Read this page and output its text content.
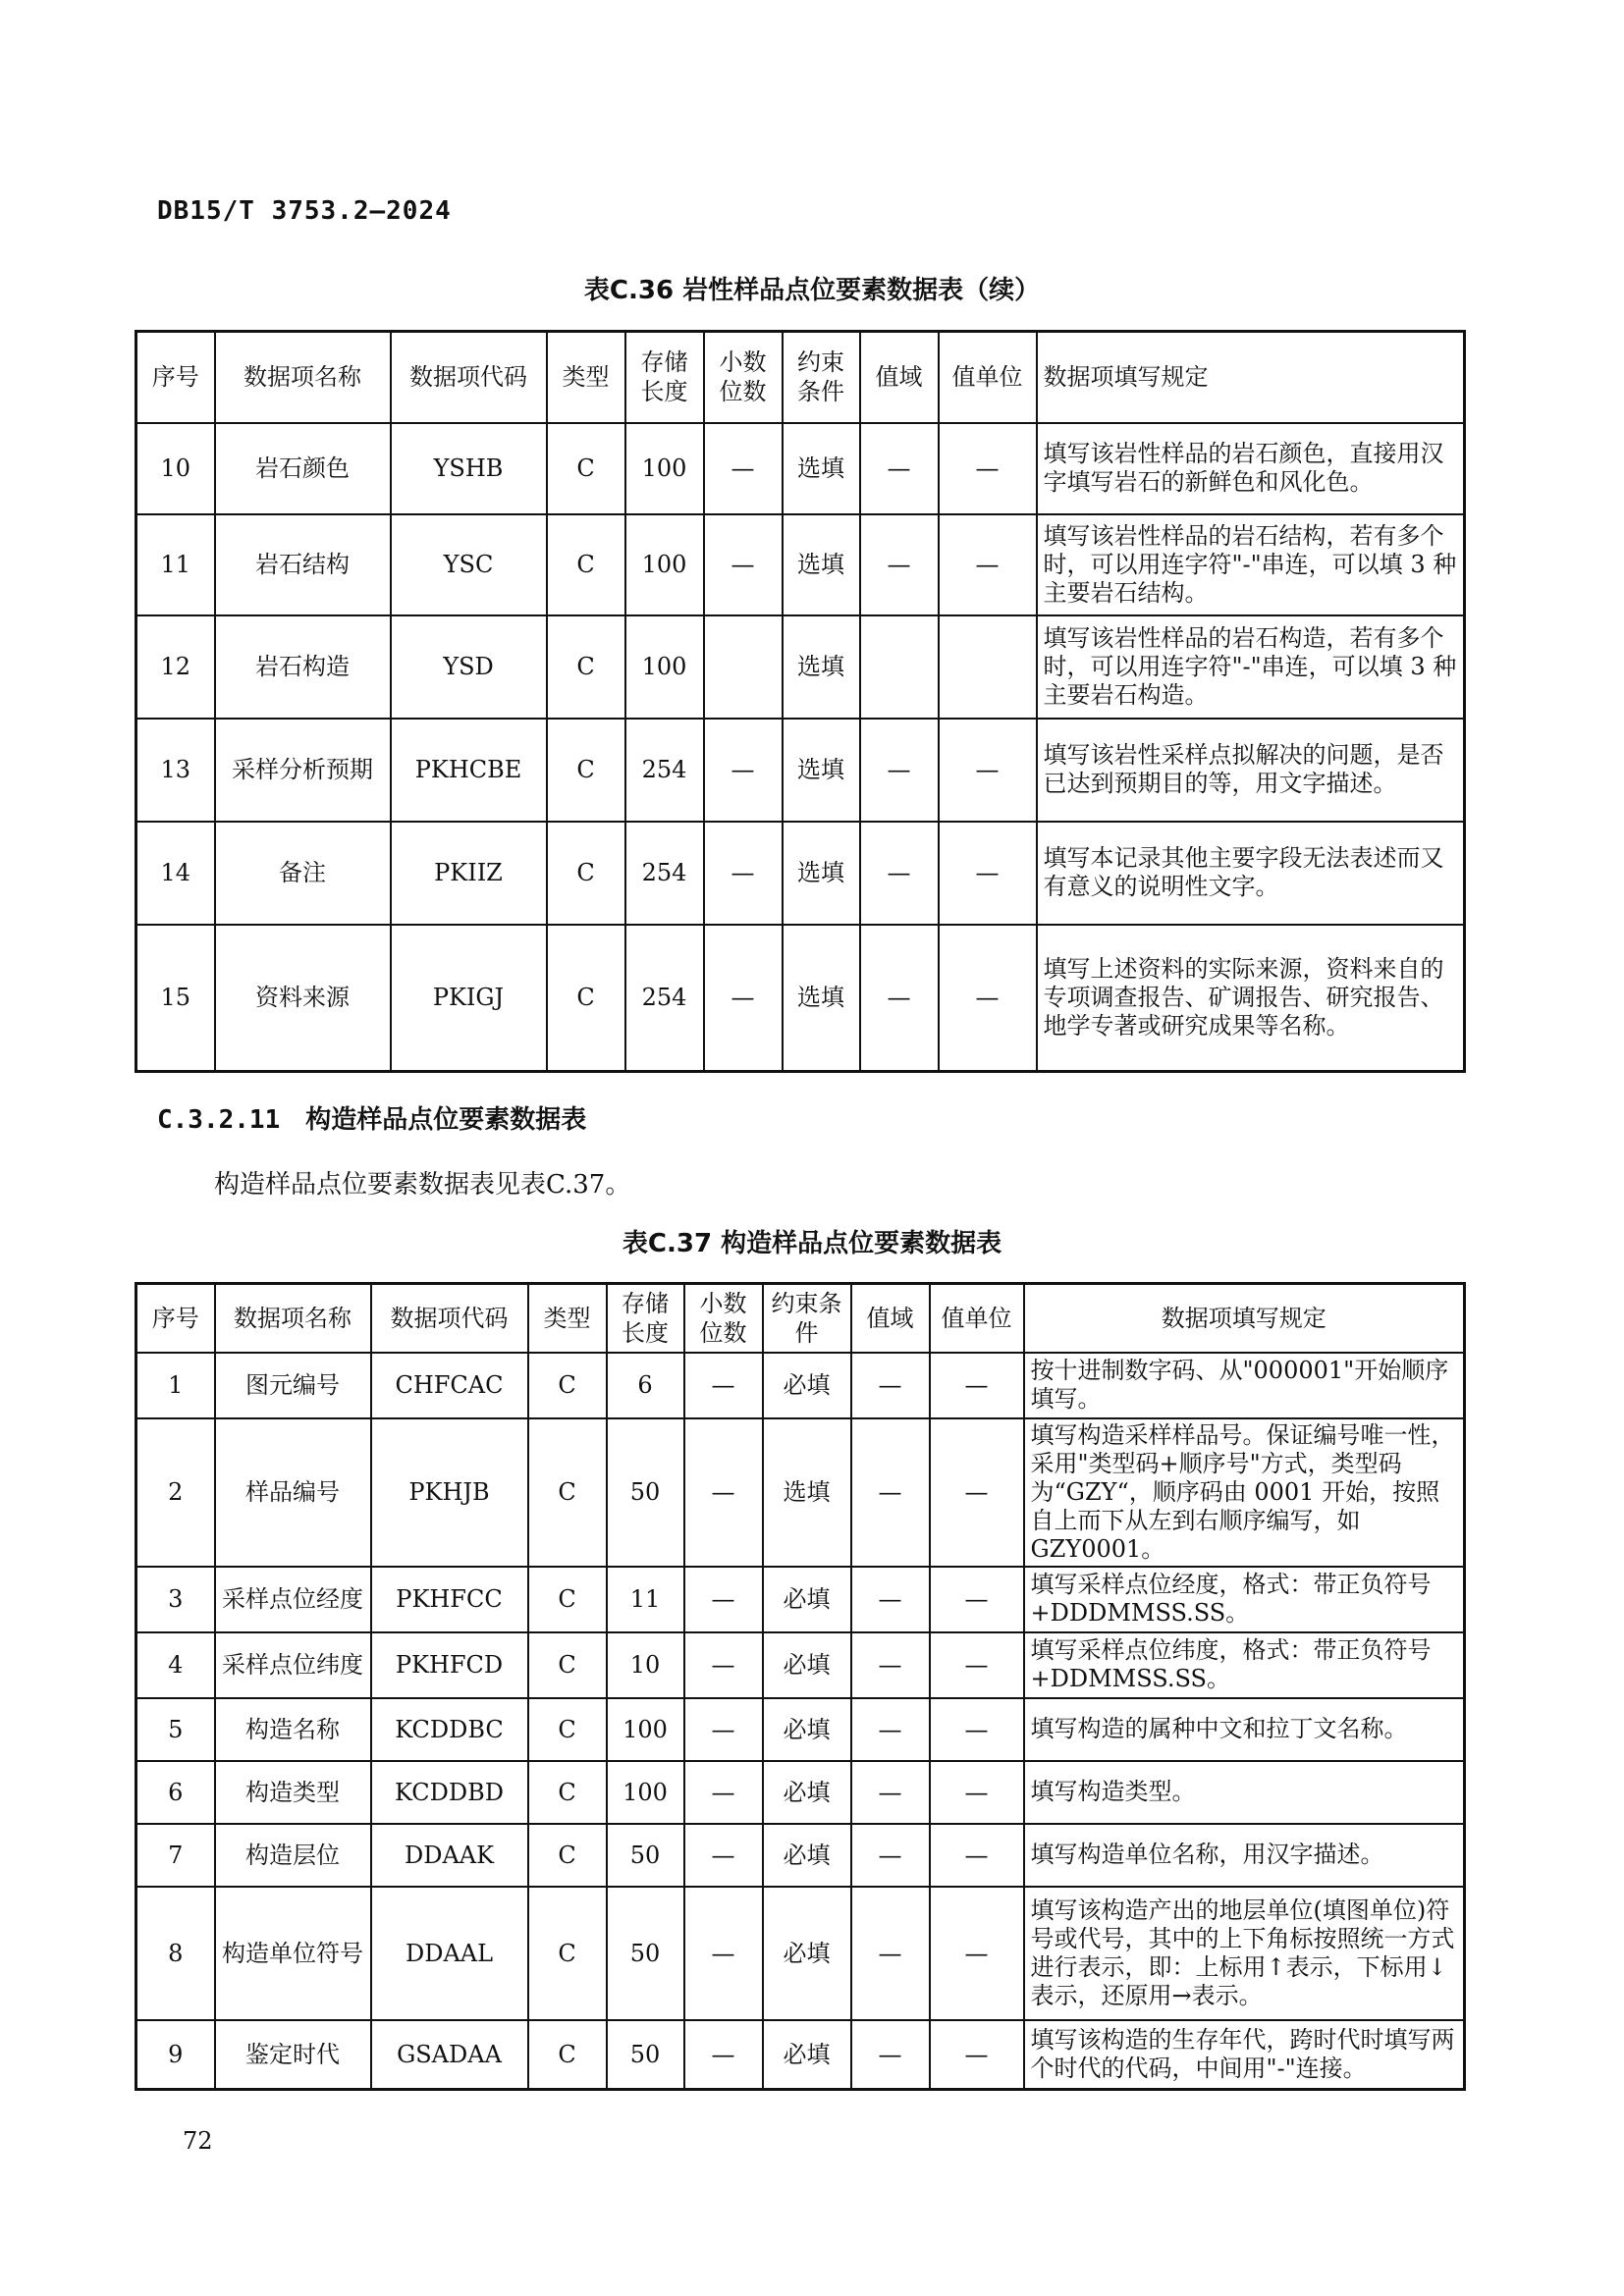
DB15/T 3753.2—2024
表C.36 岩性样品点位要素数据表（续）
序号	数据项名称	数据项代码	类型	存储长度	小数位数	约束条件	值域	值单位	数据项填写规定
10	岩石颜色	YSHB	C	100	—	选填	—	—	填写该岩性样品的岩石颜色，直接用汉字填写岩石的新鲜色和风化色。
11	岩石结构	YSC	C	100	—	选填	—	—	填写该岩性样品的岩石结构，若有多个时，可以用连字符"-"串连，可以填 3 种主要岩石结构。
12	岩石构造	YSD	C	100		选填			填写该岩性样品的岩石构造，若有多个时，可以用连字符"-"串连，可以填 3 种主要岩石构造。
13	采样分析预期	PKHCBE	C	254	—	选填	—	—	填写该岩性采样点拟解决的问题，是否已达到预期目的等，用文字描述。
14	备注	PKIIZ	C	254	—	选填	—	—	填写本记录其他主要字段无法表述而又有意义的说明性文字。
15	资料来源	PKIGJ	C	254	—	选填	—	—	填写上述资料的实际来源，资料来自的专项调查报告、矿调报告、研究报告、地学专著或研究成果等名称。
C.3.2.11 构造样品点位要素数据表
构造样品点位要素数据表见表C.37。
表C.37 构造样品点位要素数据表
序号	数据项名称	数据项代码	类型	存储长度	小数位数	约束条件	值域	值单位	数据项填写规定
1	图元编号	CHFCAC	C	6	—	必填	—	—	按十进制数字码、从"000001"开始顺序填写。
2	样品编号	PKHJB	C	50	—	选填	—	—	填写构造采样样品号。保证编号唯一性，采用"类型码+顺序号"方式，类型码为“GZY“，顺序码由 0001 开始，按照自上而下从左到右顺序编写，如 GZY0001。
3	采样点位经度	PKHFCC	C	11	—	必填	—	—	填写采样点位经度，格式：带正负符号+DDDMMSS.SS。
4	采样点位纬度	PKHFCD	C	10	—	必填	—	—	填写采样点位纬度，格式：带正负符号+DDMMSS.SS。
5	构造名称	KCDDBC	C	100	—	必填	—	—	填写构造的属种中文和拉丁文名称。
6	构造类型	KCDDBD	C	100	—	必填	—	—	填写构造类型。
7	构造层位	DDAAK	C	50	—	必填	—	—	填写构造单位名称，用汉字描述。
8	构造单位符号	DDAAL	C	50	—	必填	—	—	填写该构造产出的地层单位(填图单位)符号或代号，其中的上下角标按照统一方式进行表示，即：上标用↑表示，下标用↓表示，还原用→表示。
9	鉴定时代	GSADAA	C	50	—	必填	—	—	填写该构造的生存年代，跨时代时填写两个时代的代码，中间用"-"连接。
72
